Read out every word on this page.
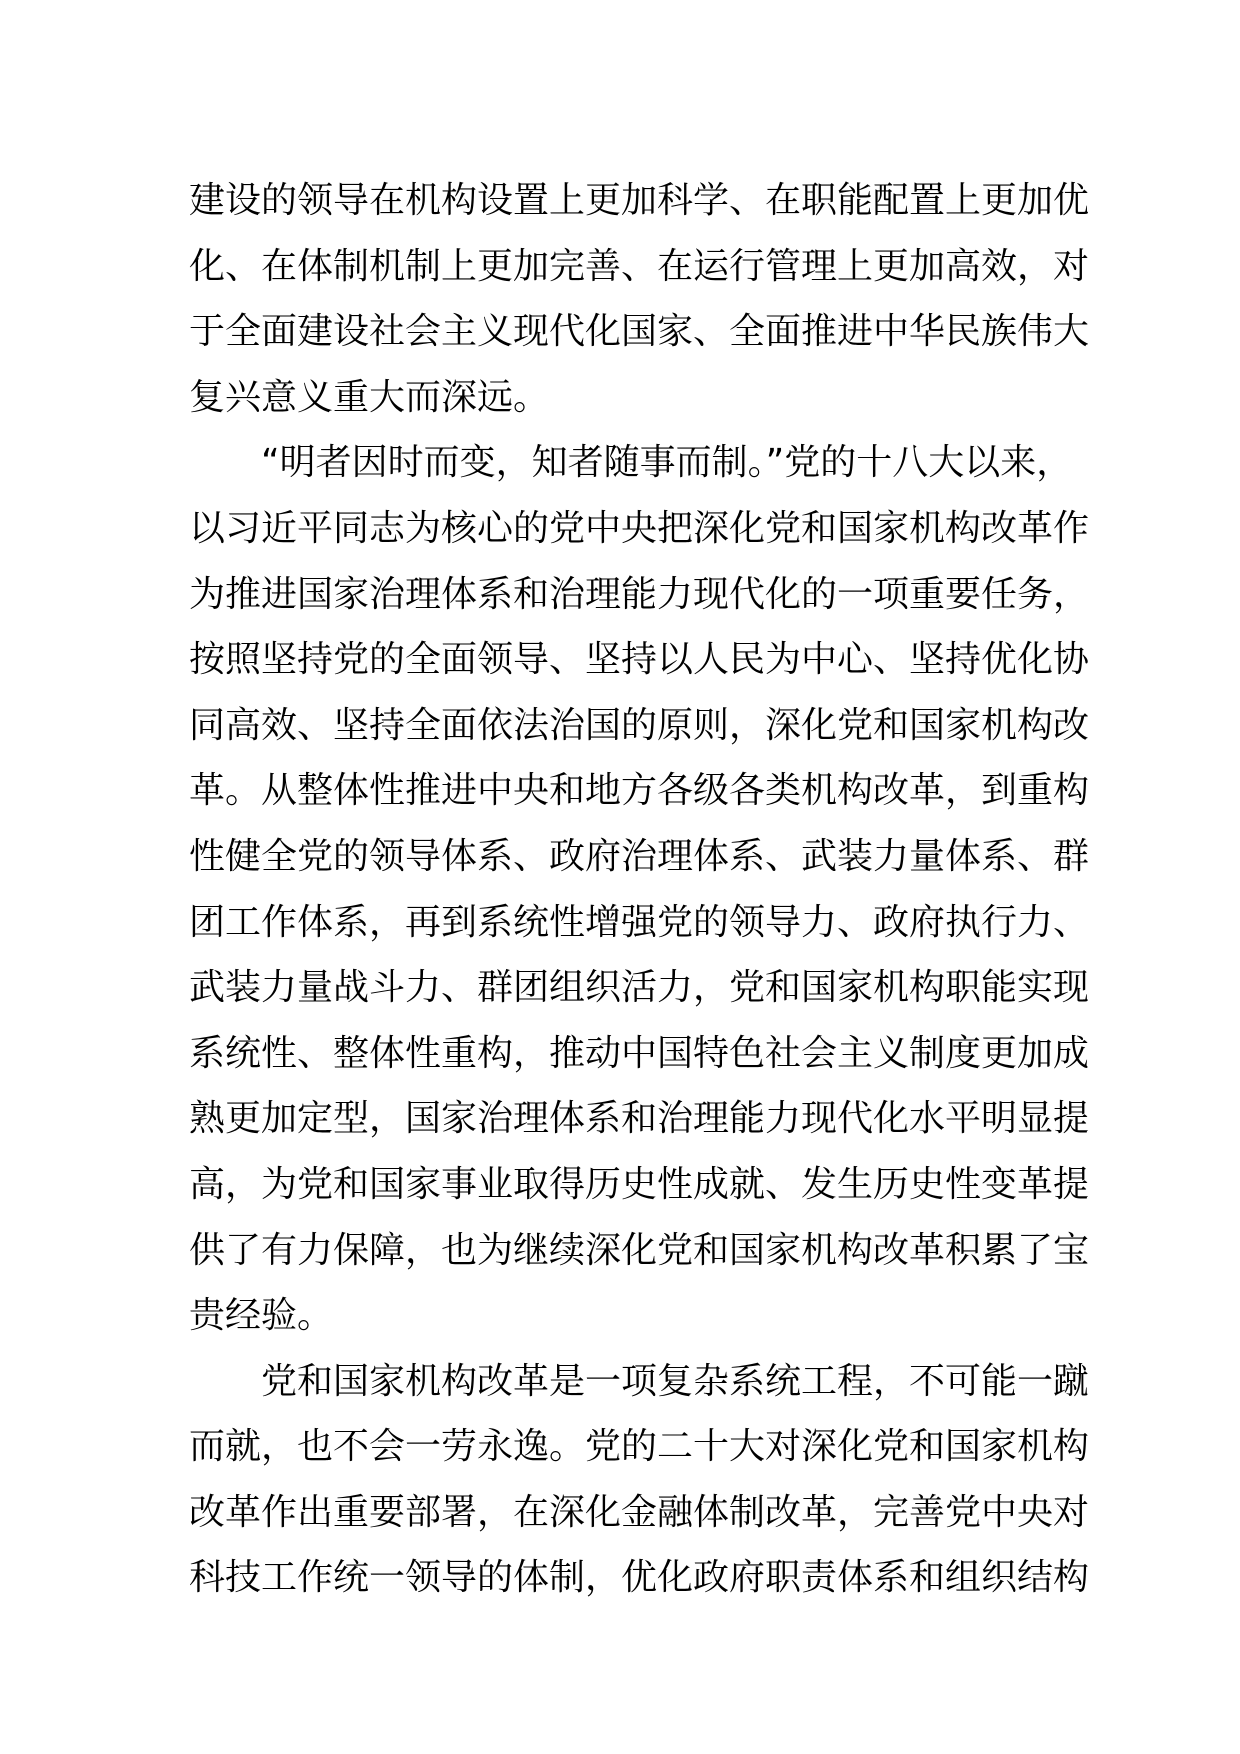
建设的领导在机构设置上更加科学、在职能配置上更加优
化、在体制机制上更加完善、在运行管理上更加高效，对
于全面建设社会主义现代化国家、全面推进中华民族伟大
复兴意义重大而深远。
　　“明者因时而变，知者随事而制。”党的十八大以来，
以习近平同志为核心的党中央把深化党和国家机构改革作
为推进国家治理体系和治理能力现代化的一项重要任务，
按照坚持党的全面领导、坚持以人民为中心、坚持优化协
同高效、坚持全面依法治国的原则，深化党和国家机构改
革。从整体性推进中央和地方各级各类机构改革，到重构
性健全党的领导体系、政府治理体系、武装力量体系、群
团工作体系，再到系统性增强党的领导力、政府执行力、
武装力量战斗力、群团组织活力，党和国家机构职能实现
系统性、整体性重构，推动中国特色社会主义制度更加成
熟更加定型，国家治理体系和治理能力现代化水平明显提
高，为党和国家事业取得历史性成就、发生历史性变革提
供了有力保障，也为继续深化党和国家机构改革积累了宝
贵经验。
　　党和国家机构改革是一项复杂系统工程，不可能一蹴
而就，也不会一劳永逸。党的二十大对深化党和国家机构
改革作出重要部署，在深化金融体制改革，完善党中央对
科技工作统一领导的体制，优化政府职责体系和组织结构
